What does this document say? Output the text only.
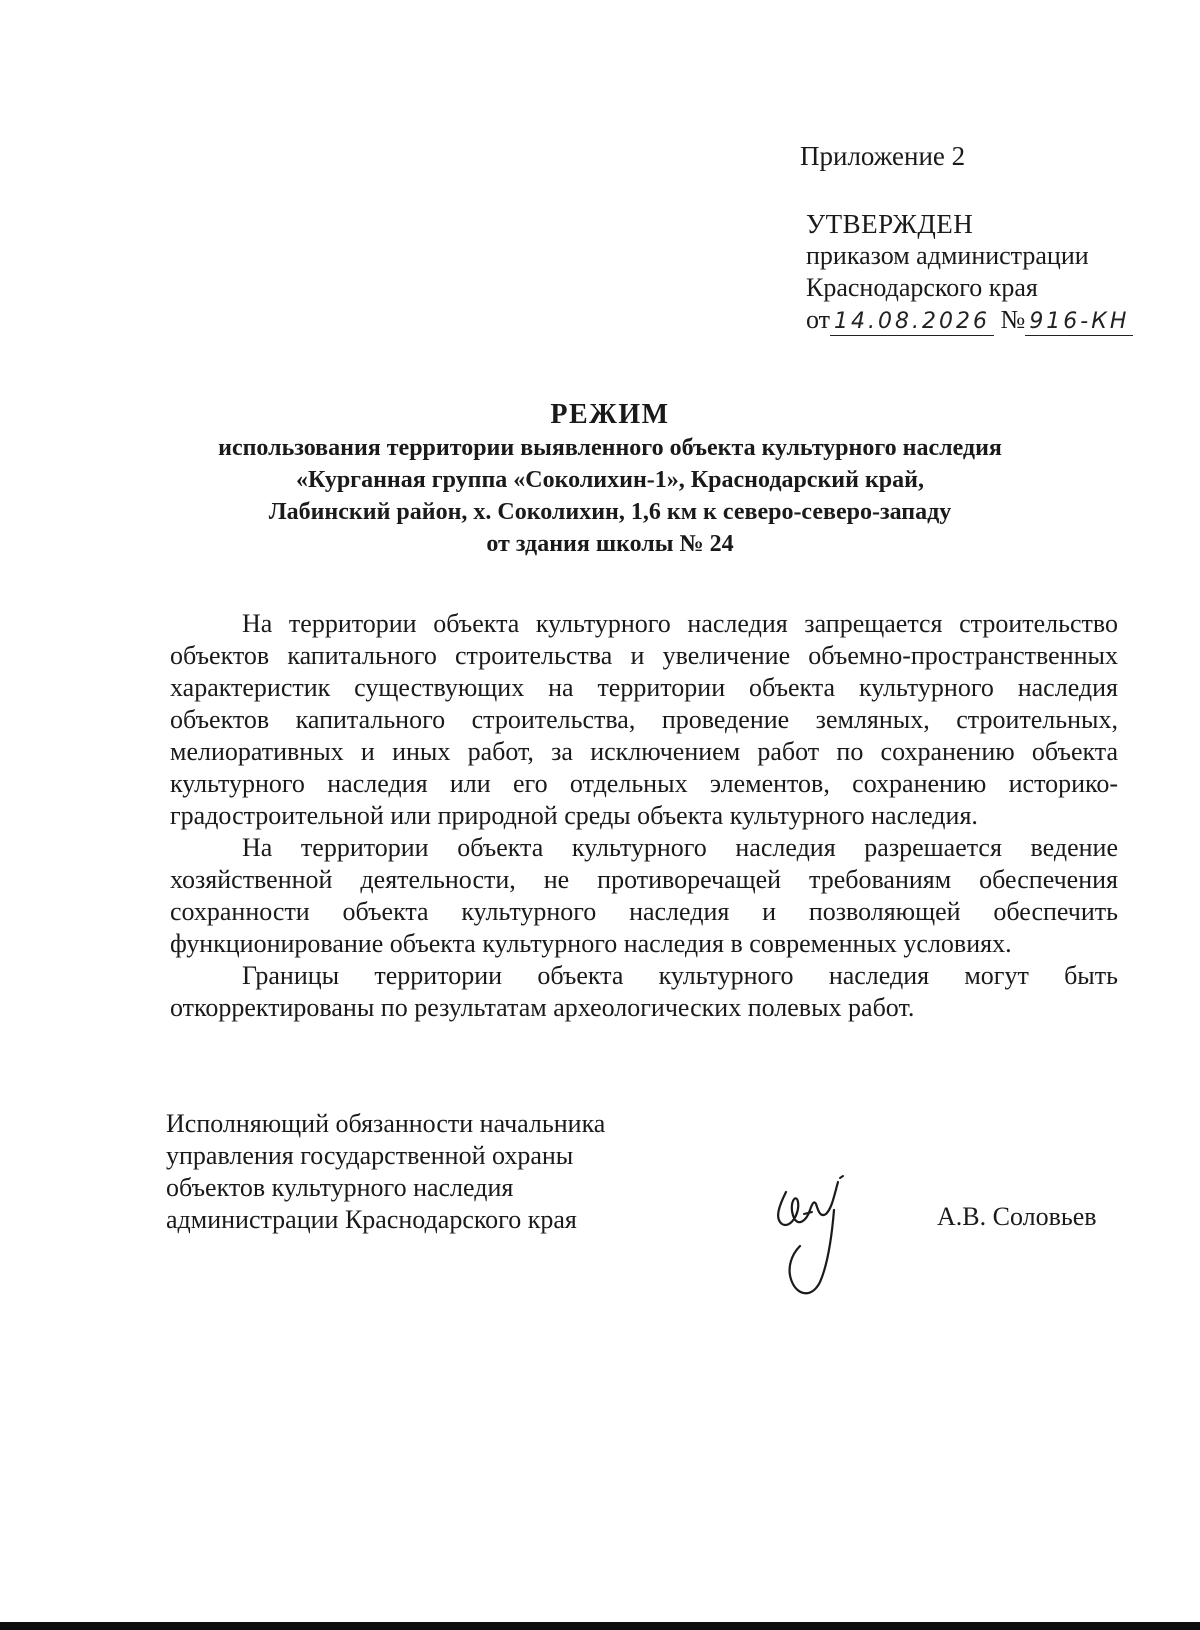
Приложение 2
УТВЕРЖДЕН
приказом администрации
Краснодарского края
от 14.08.2026 № 916-КН
РЕЖИМ
использования территории выявленного объекта культурного наследия
«Курганная группа «Соколихин-1», Краснодарский край,
Лабинский район, х. Соколихин, 1,6 км к северо-северо-западу
от здания школы № 24

На территории объекта культурного наследия запрещается строительство объектов капитального строительства и увеличение объемно-пространственных характеристик существующих на территории объекта культурного наследия объектов капитального строительства, проведение земляных, строительных, мелиоративных и иных работ, за исключением работ по сохранению объекта культурного наследия или его отдельных элементов, сохранению историко-градостроительной или природной среды объекта культурного наследия.

На территории объекта культурного наследия разрешается ведение хозяйственной деятельности, не противоречащей требованиям обеспечения сохранности объекта культурного наследия и позволяющей обеспечить функционирование объекта культурного наследия в современных условиях.

Границы территории объекта культурного наследия могут быть откорректированы по результатам археологических полевых работ.

Исполняющий обязанности начальника
управления государственной охраны
объектов культурного наследия
администрации Краснодарского края	А.В. Соловьев
